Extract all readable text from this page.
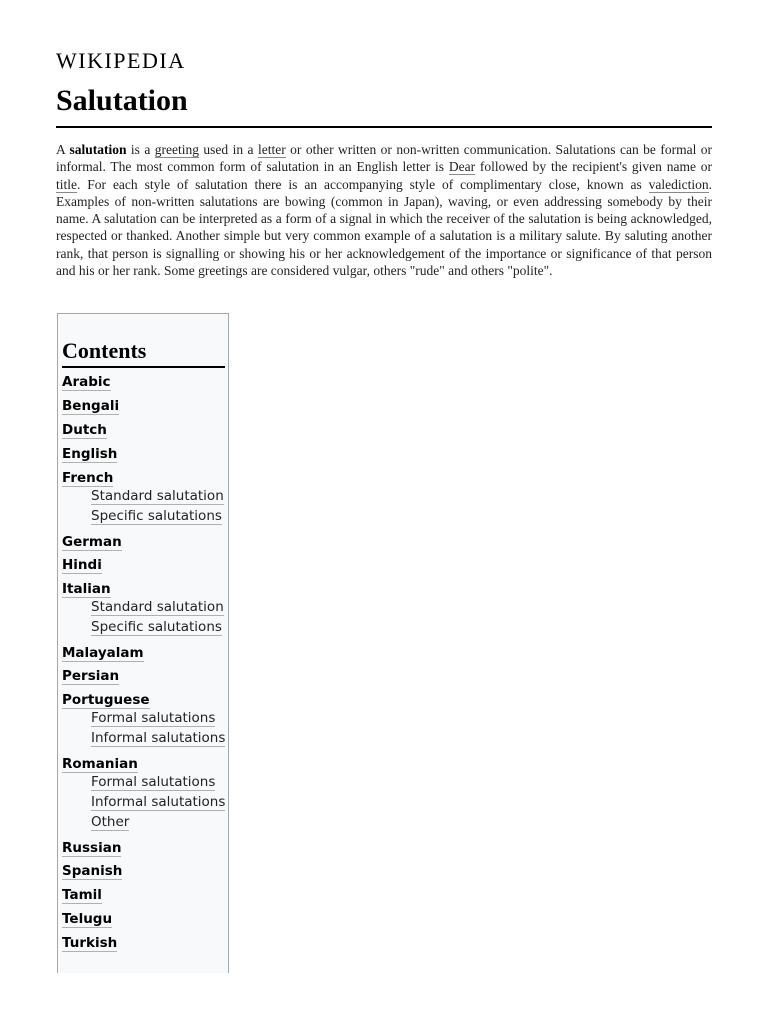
WIKIPEDIA
Salutation

A salutation is a greeting used in a letter or other written or non-written communication. Salutations can be formal or informal. The most common form of salutation in an English letter is Dear followed by the recipient's given name or title. For each style of salutation there is an accompanying style of complimentary close, known as valediction. Examples of non-written salutations are bowing (common in Japan), waving, or even addressing somebody by their name. A salutation can be interpreted as a form of a signal in which the receiver of the salutation is being acknowledged, respected or thanked. Another simple but very common example of a salutation is a military salute. By saluting another rank, that person is signalling or showing his or her acknowledgement of the importance or significance of that person and his or her rank. Some greetings are considered vulgar, others "rude" and others "polite".

Contents
Arabic
Bengali
Dutch
English
French
Standard salutation
Specific salutations
German
Hindi
Italian
Standard salutation
Specific salutations
Malayalam
Persian
Portuguese
Formal salutations
Informal salutations
Romanian
Formal salutations
Informal salutations
Other
Russian
Spanish
Tamil
Telugu
Turkish
